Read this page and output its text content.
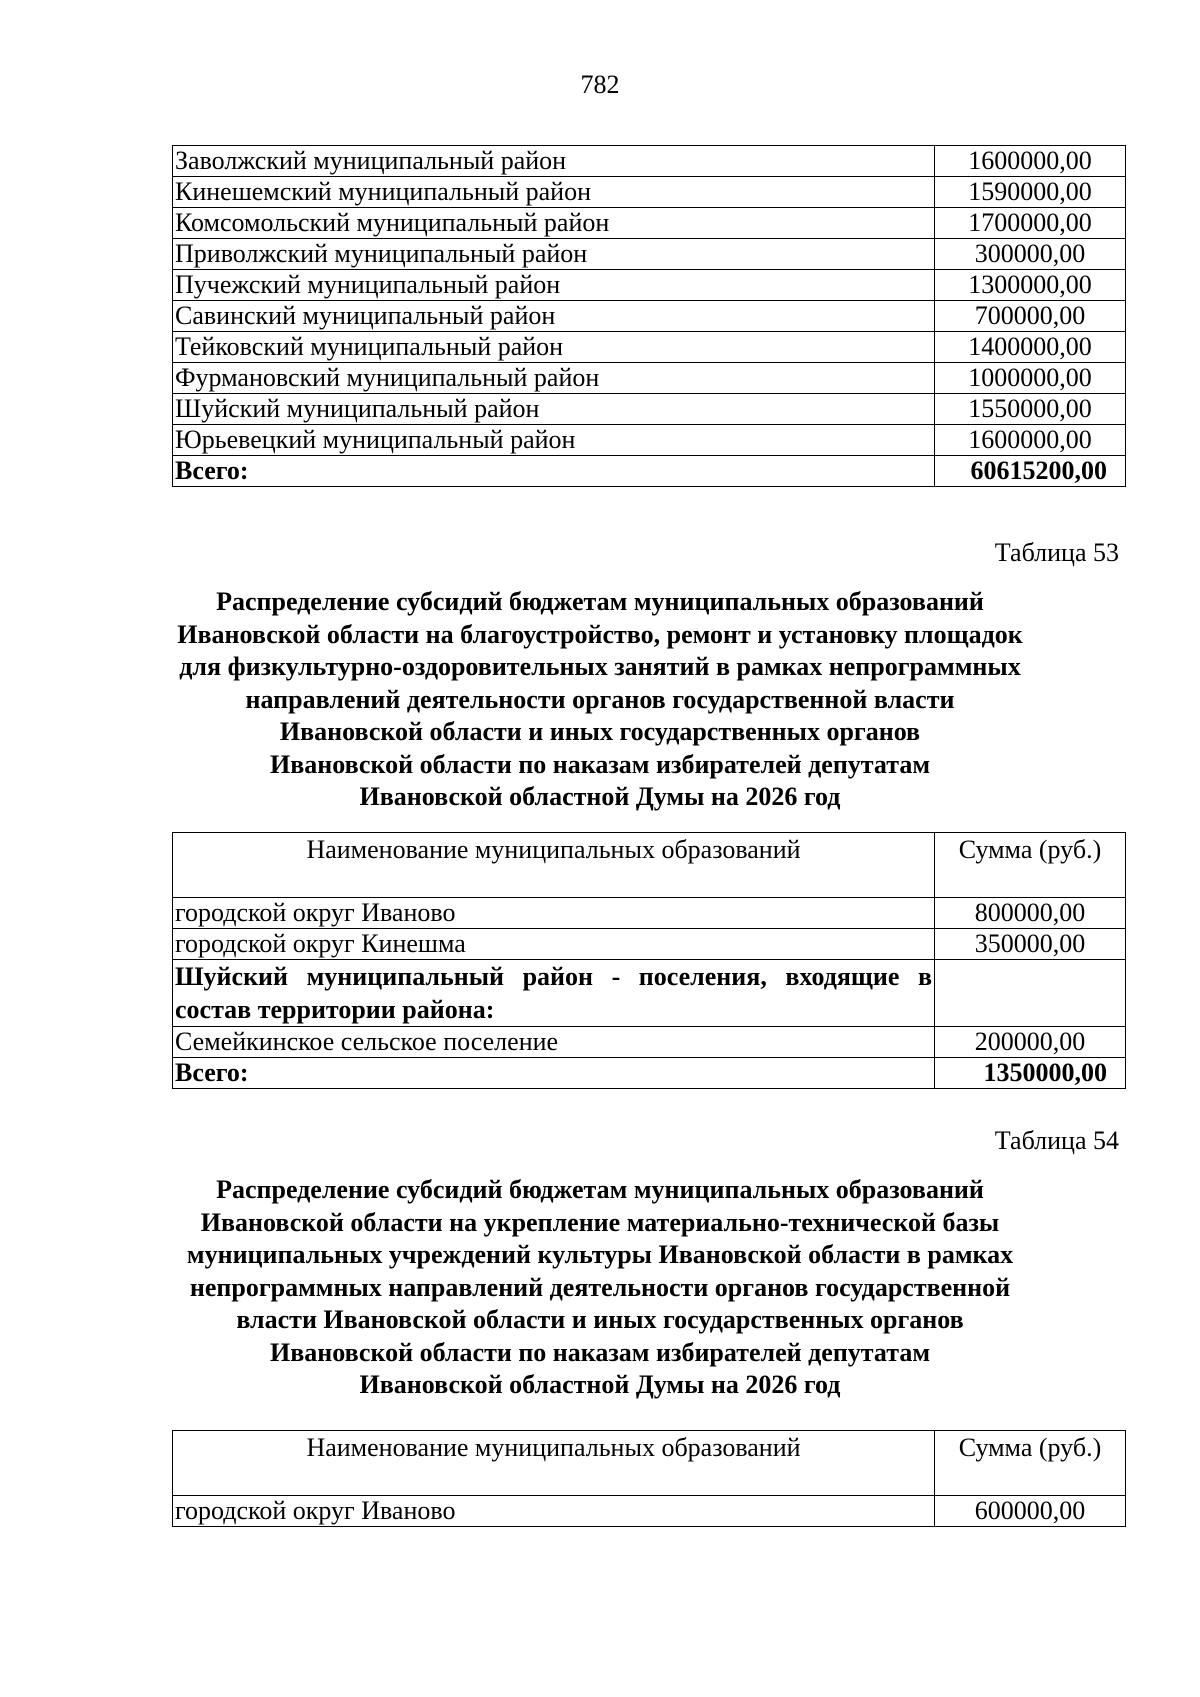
782
Заволжский муниципальный район	1600000,00
Кинешемский муниципальный район	1590000,00
Комсомольский муниципальный район	1700000,00
Приволжский муниципальный район	300000,00
Пучежский муниципальный район	1300000,00
Савинский муниципальный район	700000,00
Тейковский муниципальный район	1400000,00
Фурмановский муниципальный район	1000000,00
Шуйский муниципальный район	1550000,00
Юрьевецкий муниципальный район	1600000,00
Всего:	60615200,00
Таблица 53
Распределение субсидий бюджетам муниципальных образований
Ивановской области на благоустройство, ремонт и установку площадок
для физкультурно-оздоровительных занятий в рамках непрограммных
направлений деятельности органов государственной власти
Ивановской области и иных государственных органов
Ивановской области по наказам избирателей депутатам
Ивановской областной Думы на 2026 год
Наименование муниципальных образований	Сумма (руб.)
городской округ Иваново	800000,00
городской округ Кинешма	350000,00
Шуйский муниципальный район - поселения, входящие в состав территории района:	
Семейкинское сельское поселение	200000,00
Всего:	1350000,00
Таблица 54
Распределение субсидий бюджетам муниципальных образований
Ивановской области на укрепление материально-технической базы
муниципальных учреждений культуры Ивановской области в рамках
непрограммных направлений деятельности органов государственной
власти Ивановской области и иных государственных органов
Ивановской области по наказам избирателей депутатам
Ивановской областной Думы на 2026 год
Наименование муниципальных образований	Сумма (руб.)
городской округ Иваново	600000,00
